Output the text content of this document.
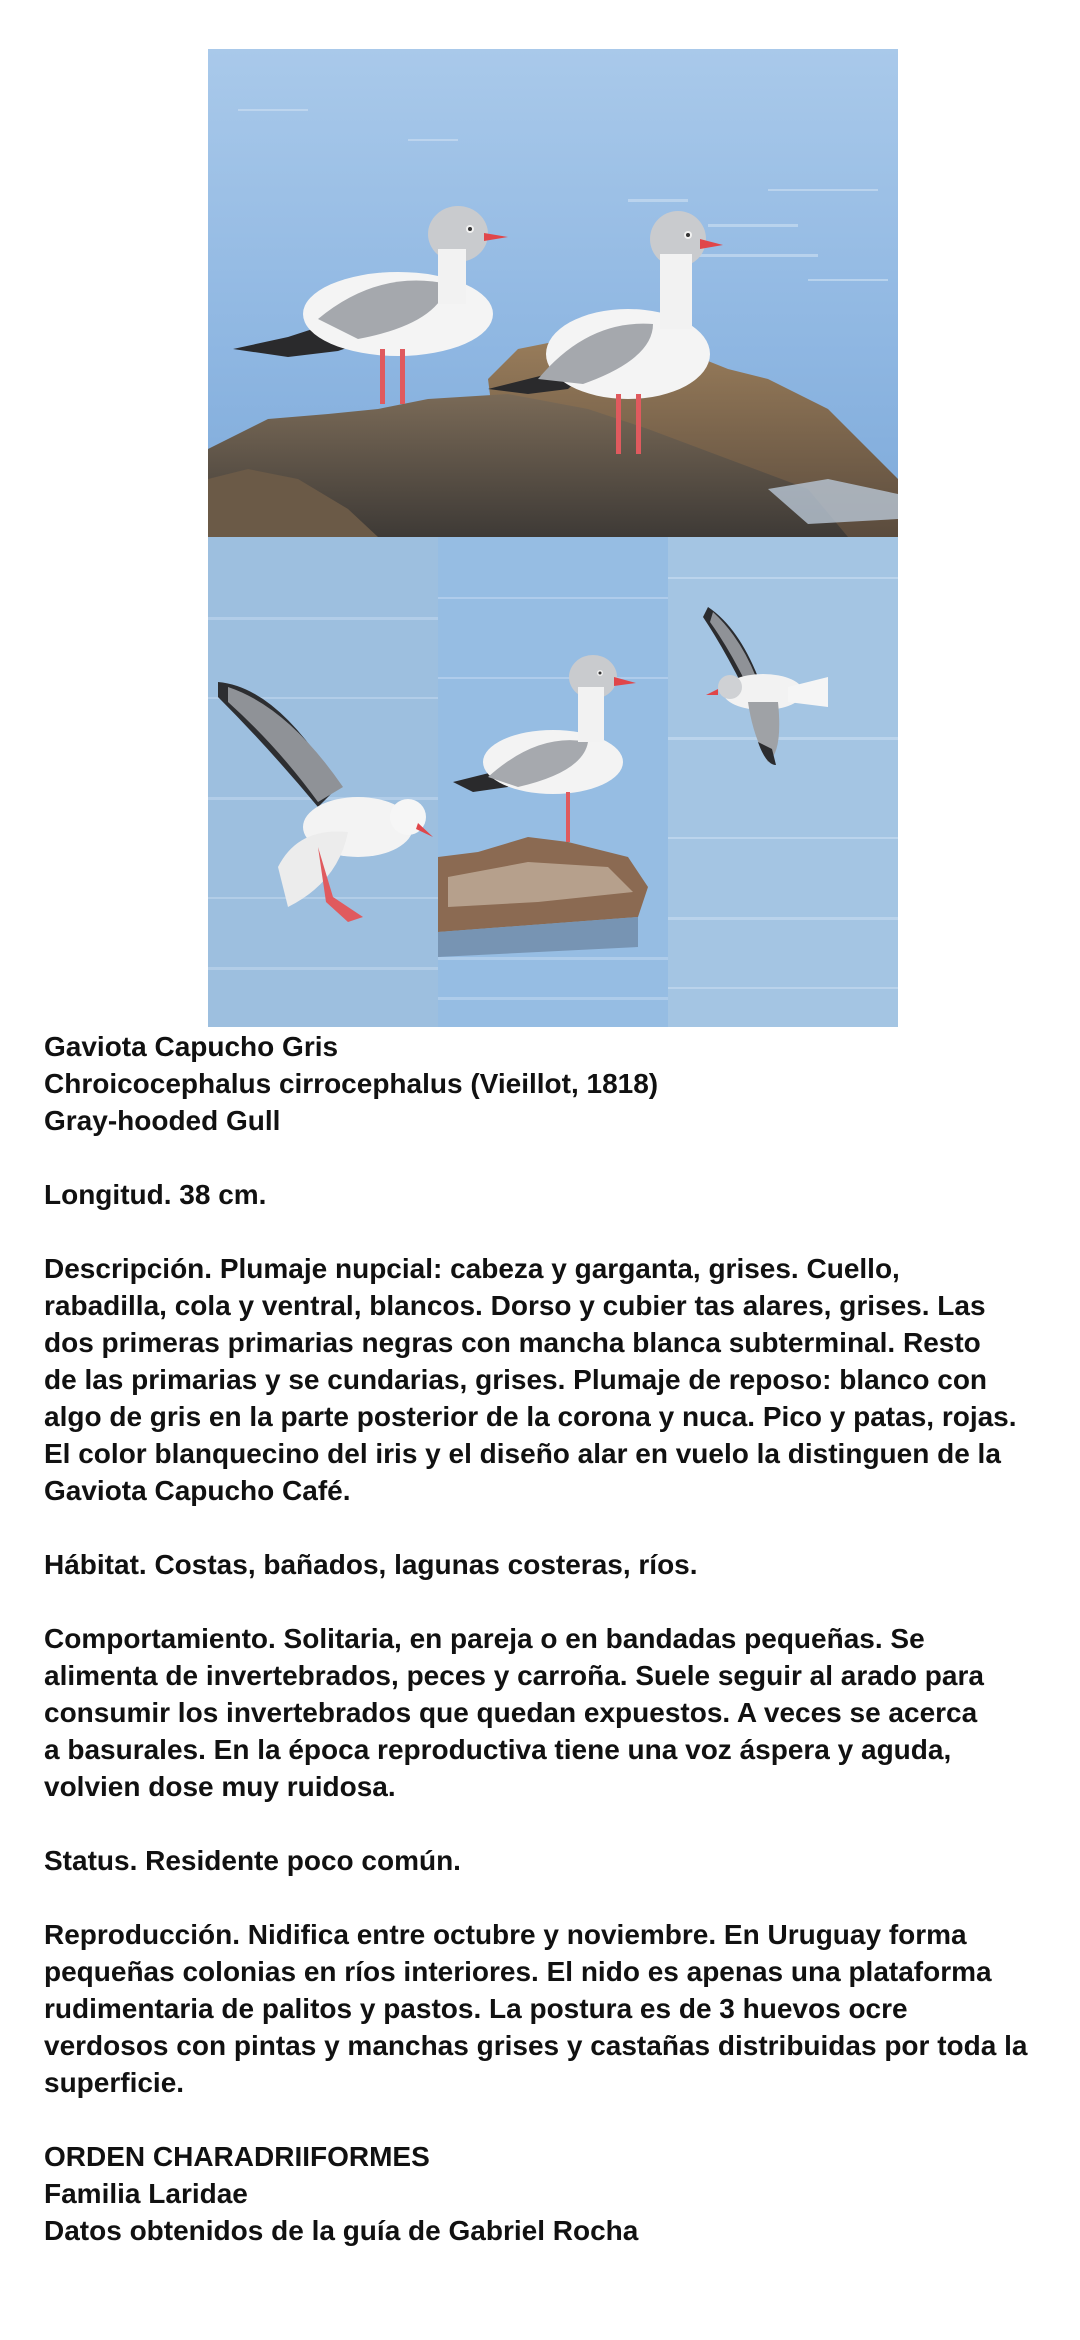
Gaviota Capucho Gris
Chroicocephalus cirrocephalus (Vieillot, 1818)
Gray-hooded Gull
Longitud. 38 cm.
Descripción. Plumaje nupcial: cabeza y garganta, grises. Cuello,
rabadilla, cola y ventral, blancos. Dorso y cubier tas alares, grises. Las
dos primeras primarias negras con mancha blanca subterminal. Resto
de las primarias y se cundarias, grises. Plumaje de reposo: blanco con
algo de gris en la parte posterior de la corona y nuca. Pico y patas, rojas.
El color blanquecino del iris y el diseño alar en vuelo la distinguen de la
Gaviota Capucho Café.
Hábitat. Costas, bañados, lagunas costeras, ríos.
Comportamiento. Solitaria, en pareja o en bandadas pequeñas. Se
alimenta de invertebrados, peces y carroña. Suele seguir al arado para
consumir los invertebrados que quedan expuestos. A veces se acerca
a basurales. En la época reproductiva tiene una voz áspera y aguda,
volvien dose muy ruidosa.
Status. Residente poco común.
Reproducción. Nidifica entre octubre y noviembre. En Uruguay forma
pequeñas colonias en ríos interiores. El nido es apenas una plataforma
rudimentaria de palitos y pastos. La postura es de 3 huevos ocre
verdosos con pintas y manchas grises y castañas distribuidas por toda la
superficie.
ORDEN CHARADRIIFORMES
Familia Laridae
Datos obtenidos de la guía de Gabriel Rocha
